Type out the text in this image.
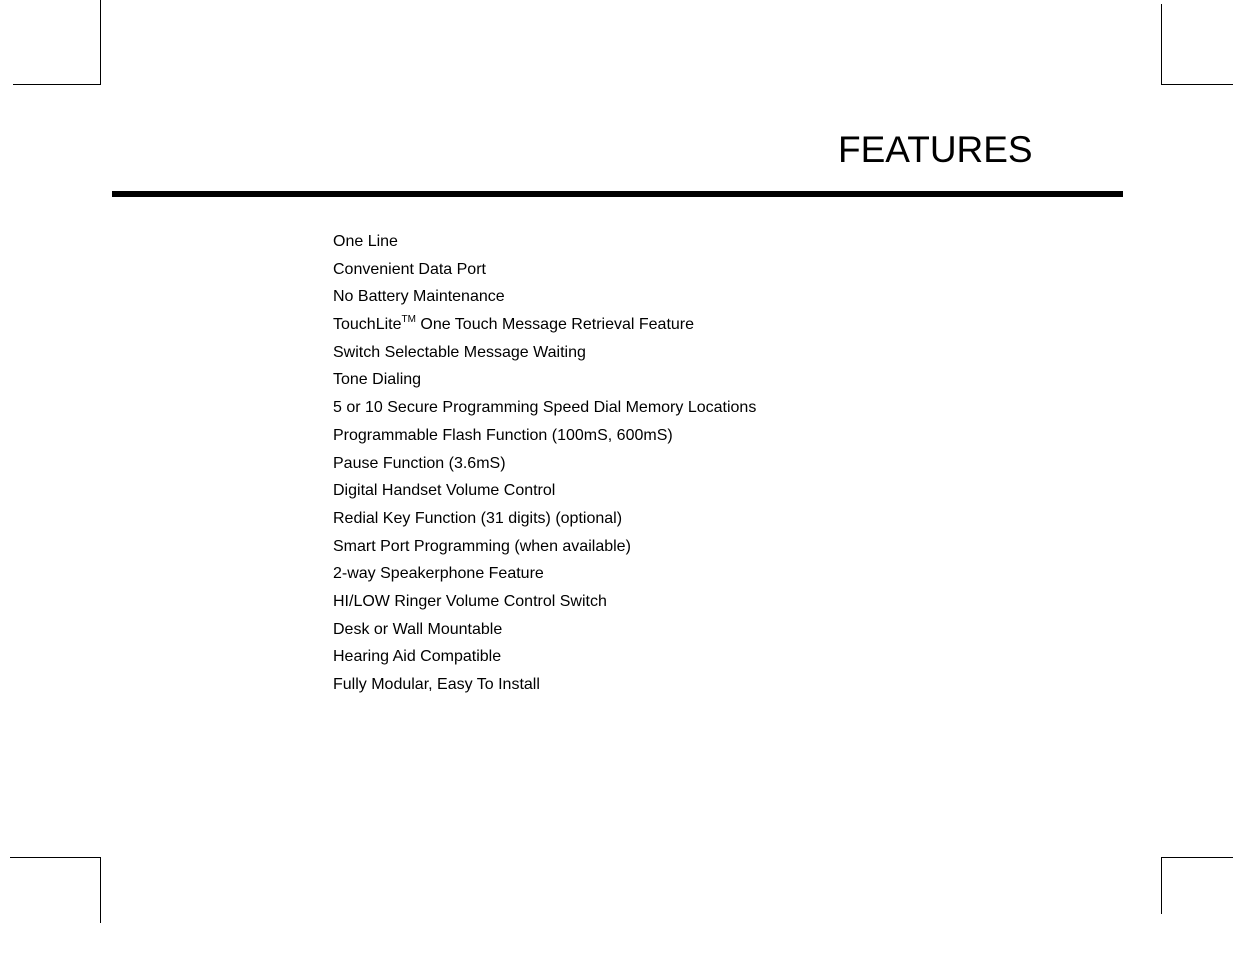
FEATURES
One Line
Convenient Data Port
No Battery Maintenance
TouchLite™ One Touch Message Retrieval Feature
Switch Selectable Message Waiting
Tone Dialing
5 or 10 Secure Programming Speed Dial Memory Locations
Programmable Flash Function (100mS, 600mS)
Pause Function (3.6mS)
Digital Handset Volume Control
Redial Key Function (31 digits) (optional)
Smart Port Programming (when available)
2-way Speakerphone Feature
HI/LOW Ringer Volume Control Switch
Desk or Wall Mountable
Hearing Aid Compatible
Fully Modular, Easy To Install
